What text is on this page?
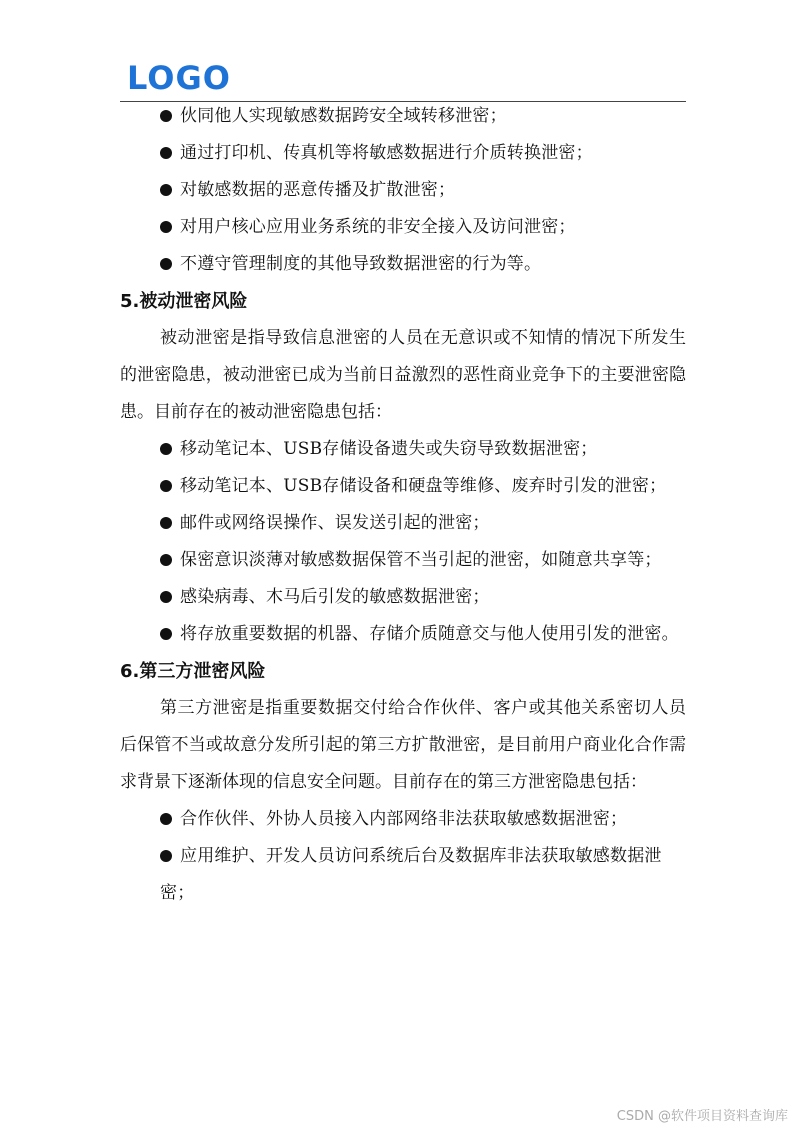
LOGO

伙同他人实现敏感数据跨安全域转移泄密；

通过打印机、传真机等将敏感数据进行介质转换泄密；

对敏感数据的恶意传播及扩散泄密；

对用户核心应用业务系统的非安全接入及访问泄密；

不遵守管理制度的其他导致数据泄密的行为等。

5.被动泄密风险

被动泄密是指导致信息泄密的人员在无意识或不知情的情况下所发生的泄密隐患，被动泄密已成为当前日益激烈的恶性商业竞争下的主要泄密隐患。目前存在的被动泄密隐患包括：

移动笔记本、USB存储设备遗失或失窃导致数据泄密；

移动笔记本、USB存储设备和硬盘等维修、废弃时引发的泄密；

邮件或网络误操作、误发送引起的泄密；

保密意识淡薄对敏感数据保管不当引起的泄密，如随意共享等；

感染病毒、木马后引发的敏感数据泄密；

将存放重要数据的机器、存储介质随意交与他人使用引发的泄密。

6.第三方泄密风险

第三方泄密是指重要数据交付给合作伙伴、客户或其他关系密切人员后保管不当或故意分发所引起的第三方扩散泄密，是目前用户商业化合作需求背景下逐渐体现的信息安全问题。目前存在的第三方泄密隐患包括：

合作伙伴、外协人员接入内部网络非法获取敏感数据泄密；

应用维护、开发人员访问系统后台及数据库非法获取敏感数据泄密；

CSDN @软件项目资料查询库
